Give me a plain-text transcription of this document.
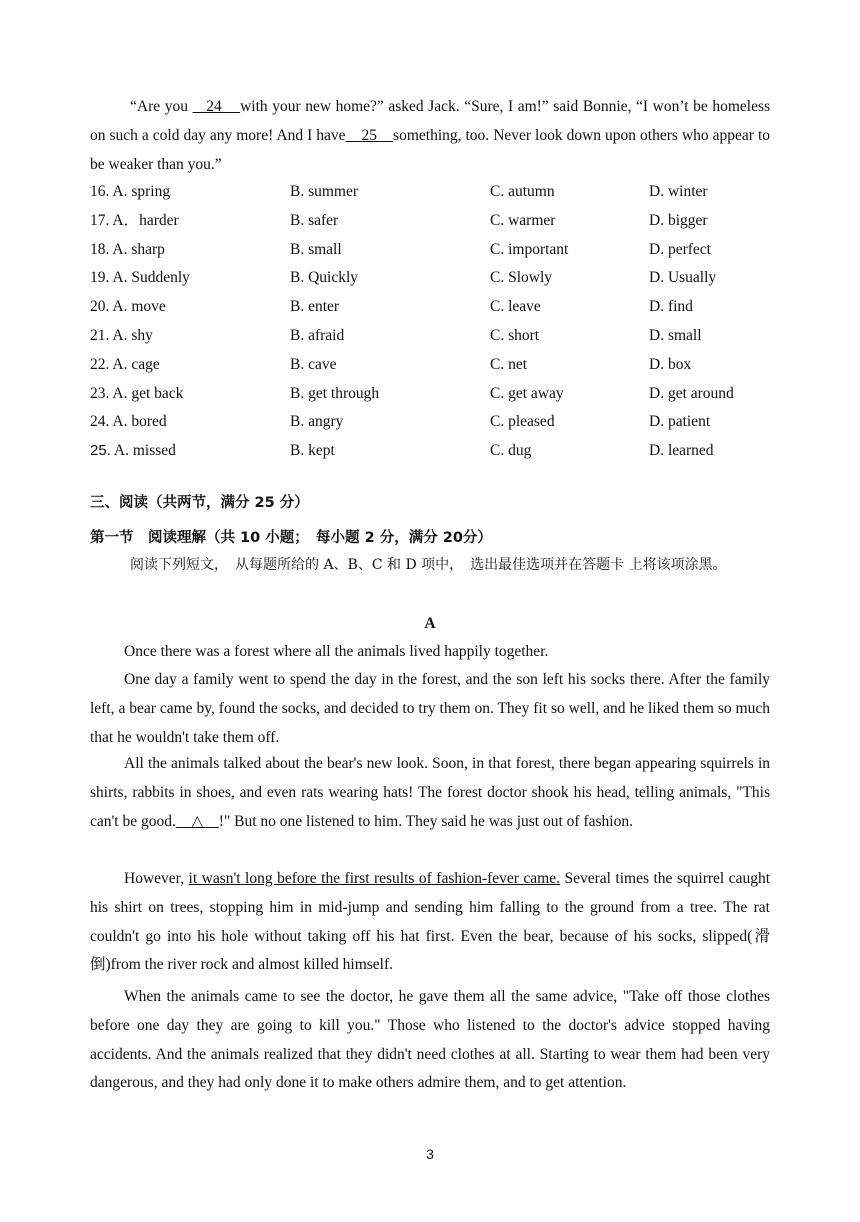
“Are you    24    with your new home?” asked Jack. “Sure, I am!” said Bonnie, “I won’t be homeless on such a cold day any more! And I have    25    something, too. Never look down upon others who appear to be weaker than you.”
16. A. spring	B. summer	C. autumn	D. winter
17. A．harder	B. safer	C. warmer	D. bigger
18. A. sharp	B. small	C. important	D. perfect
19. A. Suddenly	B. Quickly	C. Slowly	D. Usually
20. A. move	B. enter	C. leave	D. find
21. A. shy	B. afraid	C. short	D. small
22. A. cage	B. cave	C. net	D. box
23. A. get back	B. get through	C. get away	D. get around
24. A. bored	B. angry	C. pleased	D. patient
25. A. missed	B. kept	C. dug	D. learned
三、阅读（共两节，满分 25 分）
第一节　阅读理解（共 10 小题；　每小题 2 分，满分 20分）
阅读下列短文，　从每题所给的 A、B、C 和 D 项中，　选出最佳选项并在答题卡 上将该项涂黑。
A
Once there was a forest where all the animals lived happily together.
One day a family went to spend the day in the forest, and the son left his socks there. After the family left, a bear came by, found the socks, and decided to try them on. They fit so well, and he liked them so much that he wouldn't take them off.
All the animals talked about the bear's new look. Soon, in that forest, there began appearing squirrels in shirts, rabbits in shoes, and even rats wearing hats! The forest doctor shook his head, telling animals, "This can't be good.    △    !" But no one listened to him. They said he was just out of fashion.
However, it wasn't long before the first results of fashion-fever came. Several times the squirrel caught his shirt on trees, stopping him in mid-jump and sending him falling to the ground from a tree. The rat couldn't go into his hole without taking off his hat first. Even the bear, because of his socks, slipped(滑倒)from the river rock and almost killed himself.
When the animals came to see the doctor, he gave them all the same advice, "Take off those clothes before one day they are going to kill you." Those who listened to the doctor's advice stopped having accidents. And the animals realized that they didn't need clothes at all. Starting to wear them had been very dangerous, and they had only done it to make others admire them, and to get attention.
3
